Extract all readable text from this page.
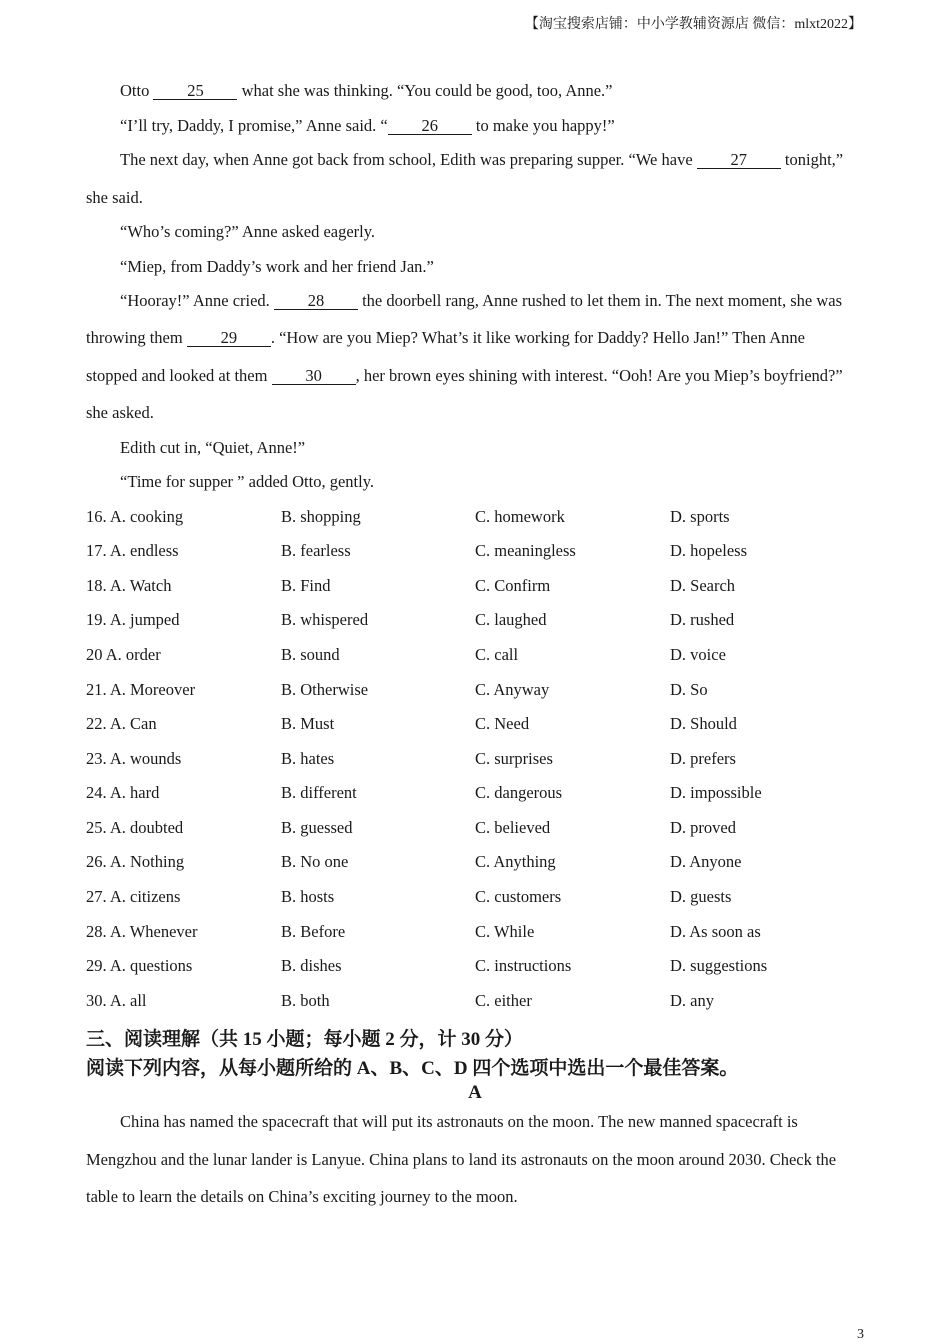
【淘宝搜索店铺：中小学教辅资源店 微信：mlxt2022】
Otto 25 what she was thinking. “You could be good, too, Anne.”
“I’ll try, Daddy, I promise,” Anne said. “ 26 to make you happy!”
The next day, when Anne got back from school, Edith was preparing supper. “We have 27 tonight,”
she said.
“Who’s coming?” Anne asked eagerly.
“Miep, from Daddy’s work and her friend Jan.”
“Hooray!” Anne cried. 28 the doorbell rang, Anne rushed to let them in. The next moment, she was
throwing them 29 . “How are you Miep? What’s it like working for Daddy? Hello Jan!” Then Anne
stopped and looked at them 30 , her brown eyes shining with interest. “Ooh! Are you Miep’s boyfriend?”
she asked.
Edith cut in, “Quiet, Anne!”
“Time for supper ” added Otto, gently.
16. A. cooking	B. shopping	C. homework	D. sports
17. A. endless	B. fearless	C. meaningless	D. hopeless
18. A. Watch	B. Find	C. Confirm	D. Search
19. A. jumped	B. whispered	C. laughed	D. rushed
20 A. order	B. sound	C. call	D. voice
21. A. Moreover	B. Otherwise	C. Anyway	D. So
22. A. Can	B. Must	C. Need	D. Should
23. A. wounds	B. hates	C. surprises	D. prefers
24. A. hard	B. different	C. dangerous	D. impossible
25. A. doubted	B. guessed	C. believed	D. proved
26. A. Nothing	B. No one	C. Anything	D. Anyone
27. A. citizens	B. hosts	C. customers	D. guests
28. A. Whenever	B. Before	C. While	D. As soon as
29. A. questions	B. dishes	C. instructions	D. suggestions
30. A. all	B. both	C. either	D. any
三、阅读理解（共 15 小题；每小题 2 分，计 30 分）
阅读下列内容，从每小题所给的 A、B、C、D 四个选项中选出一个最佳答案。
A
China has named the spacecraft that will put its astronauts on the moon. The new manned spacecraft is
Mengzhou and the lunar lander is Lanyue. China plans to land its astronauts on the moon around 2030. Check the
table to learn the details on China’s exciting journey to the moon.
3
